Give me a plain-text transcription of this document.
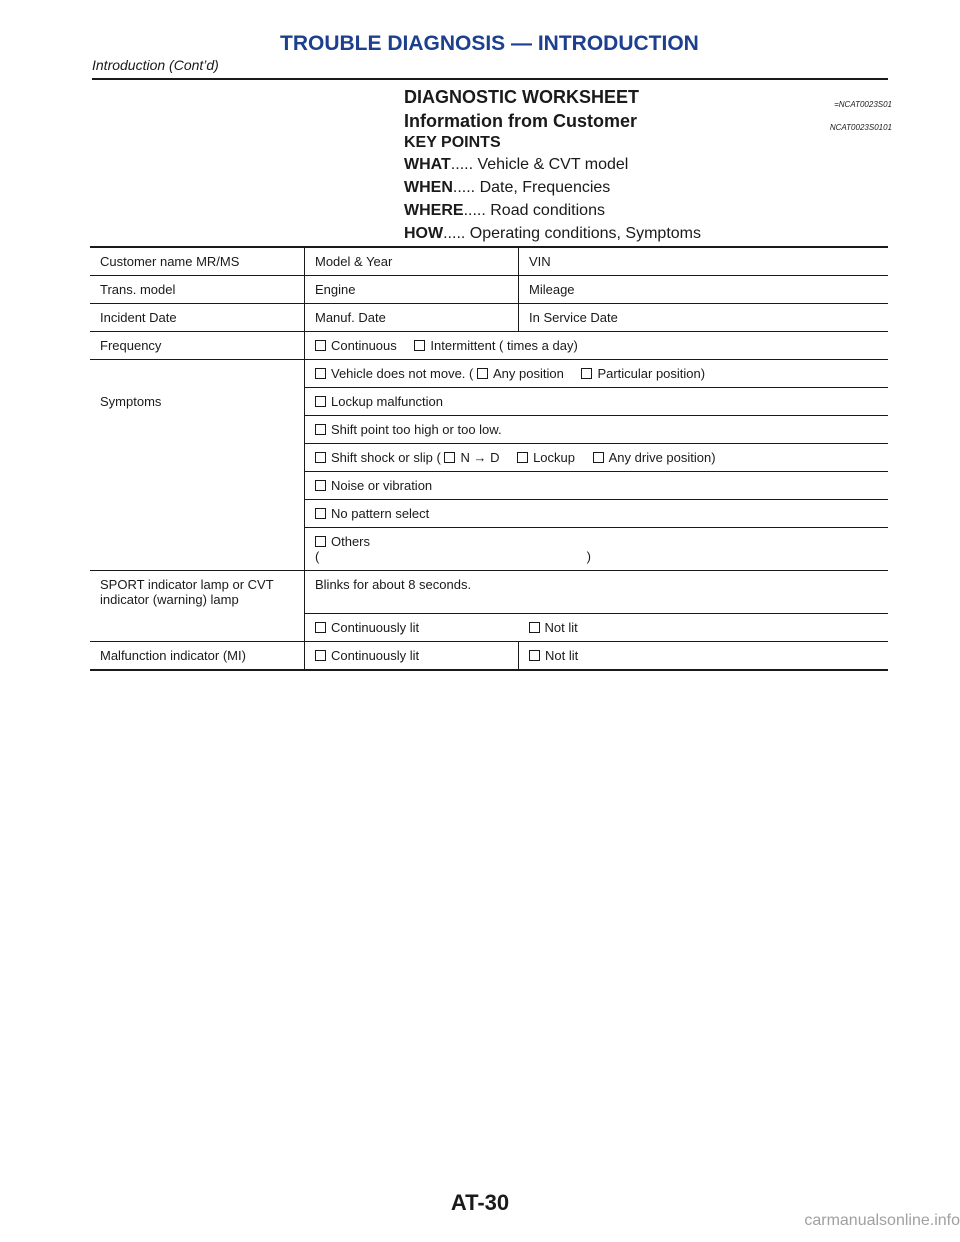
TROUBLE DIAGNOSIS — INTRODUCTION
Introduction (Cont’d)
DIAGNOSTIC WORKSHEET	=NCAT0023S01
Information from Customer	NCAT0023S0101
KEY POINTS
WHAT..... Vehicle & CVT model
WHEN..... Date, Frequencies
WHERE..... Road conditions
HOW..... Operating conditions, Symptoms
Customer name MR/MS	Model & Year	VIN
Trans. model	Engine	Mileage
Incident Date	Manuf. Date	In Service Date
Frequency	Continuous Intermittent ( times a day)	
	Vehicle does not move. ( Any position Particular position)	
Symptoms	Lockup malfunction	
	Shift point too high or too low.	
	Shift shock or slip ( N → D Lockup Any drive position)	
	Noise or vibration	
	No pattern select	

	Others
( )	

SPORT indicator lamp or CVT indicator (warning) lamp	Blinks for about 8 seconds.	
	Continuously lit	Not lit
Malfunction indicator (MI)	Continuously lit	Not lit
AT-30
carmanualsonline.info
